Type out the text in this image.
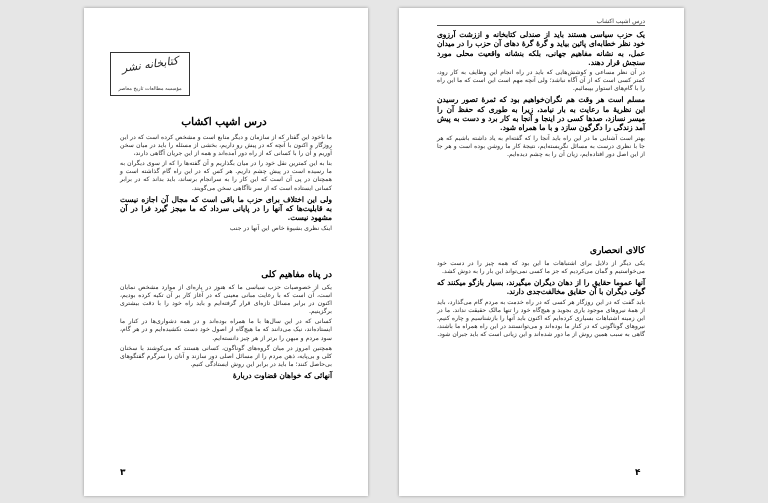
کتابخانه نشر
مؤسسه مطالعات تاریخ معاصر
درس اشپب اکشاب

ما ناخود این گفتار که از سازمان و دیگر منابع است و مشخص کرده است که در این روزگار و اکنون با آنچه که در پیش رو داریم، بخشی از مسئله را باید در میان سخن آوریم و آن را با کسانی که از راه دور آمده‌اند و همه از این جریان آگاهی دارند،

بنا به این کمترین نقل خود را در میان بگذاریم و آن گفته‌ها را که از سوی دیگران به ما رسیده است در پیش چشم داریم. هر کس که در این راه گام گذاشته است و همچنان در پی آن است که این کار را به سرانجام برساند، باید بداند که در برابر کسانی ایستاده است که از سر ناآگاهی سخن می‌گویند.

ولی این اختلاف برای حزب ما باقی است که مجال آن اجازه نیست به قابلیت‌ها که آنها را در پایانی سرداد که ما میجز گیرد فرا در آن مشهود نیست.

اینک نظری بشیوهٔ خاص این آنها در جنب

در پناه مفاهیم کلی

یکی از خصوصیات حزب سیاسی ما که هنوز در پاره‌ای از موارد مشخص نمایان است، آن است که با رعایت مبانی معینی که در آغاز کار بر آن تکیه کرده بودیم، اکنون در برابر مسائل تازه‌ای قرار گرفته‌ایم و باید راه خود را با دقت بیشتری برگزینیم.

کسانی که در این سال‌ها با ما همراه بوده‌اند و در همه دشواری‌ها در کنار ما ایستاده‌اند، نیک می‌دانند که ما هیچ‌گاه از اصول خود دست نکشیده‌ایم و در هر گام، سود مردم و میهن را برتر از هر چیز دانسته‌ایم.

همچنین امروز در میان گروه‌های گوناگون، کسانی هستند که می‌کوشند با سخنان کلی و بی‌پایه، ذهن مردم را از مسائل اصلی دور سازند و آنان را سرگرم گفتگوهای بی‌حاصل کنند؛ ما باید در برابر این روش ایستادگی کنیم.

آنهائی که خواهان قضاوت دربارهٔ

۳
درس اشپب اکشاب

یک حزب سیاسی هستند باید از صندلی کتابخانه و اززشت آرزوی خود نظر خطابه‌ای پائین بیاید و گرهٔ گرهٔ دهای آن حزب را در میدان عمل، به نشانه مفاهیم جهانی، بلکه بنشانه واقعیت محلی مورد سنجش قرار دهند.

در آن نظر مساعی و کوشش‌هایی که باید در راه انجام این وظایف به کار رود، کمتر کسی است که از آن آگاه نباشد؛ ولی آنچه مهم است این است که ما این راه را با گام‌های استوار بپیمائیم.

مسلم است هر وقت هم نگران‌خواهیم بود که ثمرهٔ تصور رسیدن این نظریهٔ ما رعایت به بار نیامد، زیرا به طوری که حفظ آن را میسر نسازد، صدها کسی در اینجا و آنجا به کار برد و دست به پیش آمد زندگی را دگرگون سازد و با ما همراه شود.

بهتر است آشنایی ما در این راه باید آنجا را که گفته‌ام به یاد داشته باشیم که هر جا با نظری درست به مسائل نگریسته‌ایم، نتیجهٔ کار ما روشن بوده است و هر جا از این اصل دور افتاده‌ایم، زیان آن را به چشم دیده‌ایم.

کالای انحصاری

یکی دیگر از دلایل برای اشتباهات ما این بود که همه چیز را در دست خود می‌خواستیم و گمان می‌کردیم که جز ما کسی نمی‌تواند این بار را به دوش کشد.

آنها عموما حقایق را از دهان دیگران میگیرند، بسیار بازگو میکنند که گوئی دیگران با آن حقایق مخالفت‌جدی دارند.

باید گفت که در این روزگار هر کسی که در راه خدمت به مردم گام می‌گذارد، باید از همهٔ نیروهای موجود یاری بجوید و هیچ‌گاه خود را تنها مالک حقیقت نداند. ما در این زمینه اشتباهات بسیاری کرده‌ایم که اکنون باید آنها را بازشناسیم و چاره کنیم. نیروهای گوناگونی که در کنار ما بوده‌اند و می‌توانستند در این راه همراه ما باشند، گاهی به سبب همین روش از ما دور شده‌اند و این زیانی است که باید جبران شود.

۴
